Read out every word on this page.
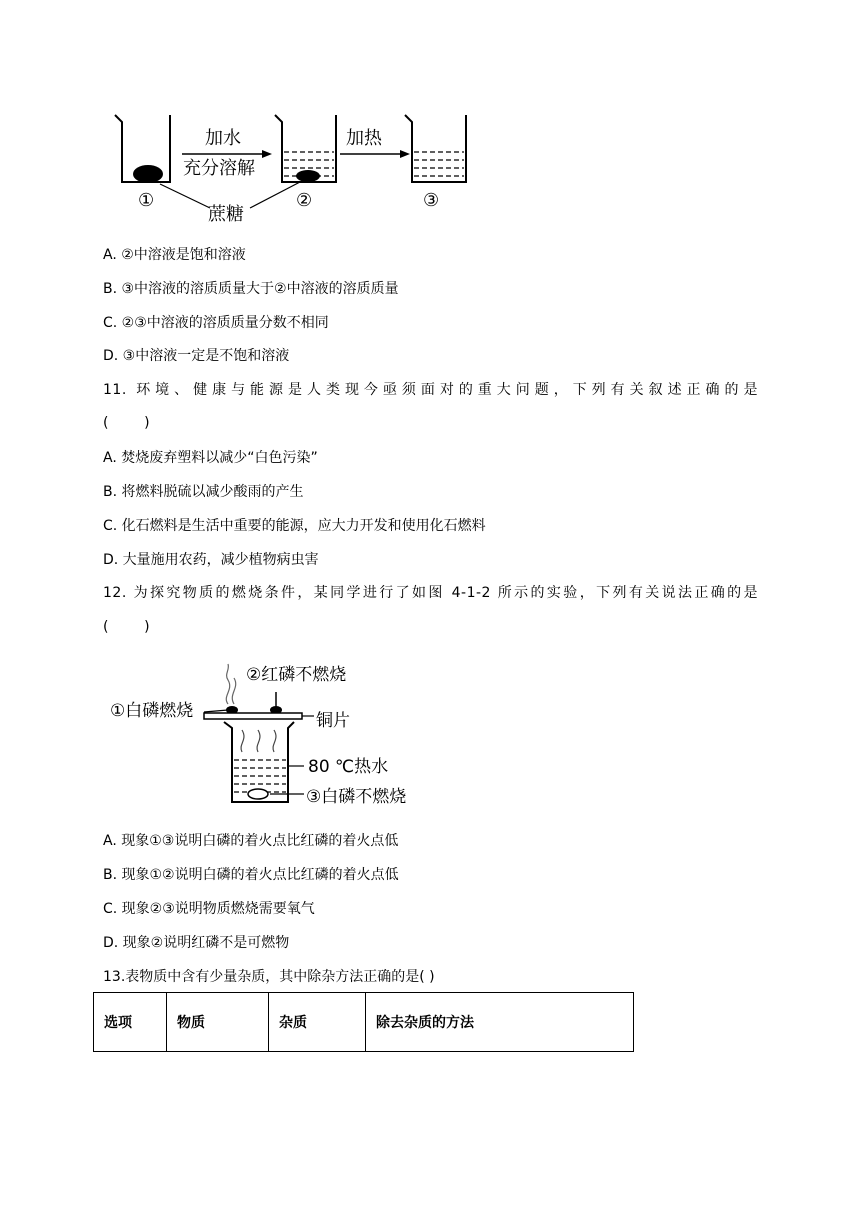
加水
充分溶解
加热
①	②	③
蔗糖
A. ②中溶液是饱和溶液
B. ③中溶液的溶质质量大于②中溶液的溶质质量
C. ②③中溶液的溶质质量分数不相同
D. ③中溶液一定是不饱和溶液
11. 环境、健康与能源是人类现今亟须面对的重大问题，下列有关叙述正确的是
(        )
A. 焚烧废弃塑料以减少“白色污染”
B. 将燃料脱硫以减少酸雨的产生
C. 化石燃料是生活中重要的能源，应大力开发和使用化石燃料
D. 大量施用农药，减少植物病虫害
12. 为探究物质的燃烧条件，某同学进行了如图 4-1-2 所示的实验，下列有关说法正确的是
(        )
②红磷不燃烧
①白磷燃烧	铜片
80 ℃热水
③白磷不燃烧
A. 现象①③说明白磷的着火点比红磷的着火点低
B. 现象①②说明白磷的着火点比红磷的着火点低
C. 现象②③说明物质燃烧需要氧气
D. 现象②说明红磷不是可燃物
13.表物质中含有少量杂质，其中除杂方法正确的是( )
选项	物质	杂质	除去杂质的方法
